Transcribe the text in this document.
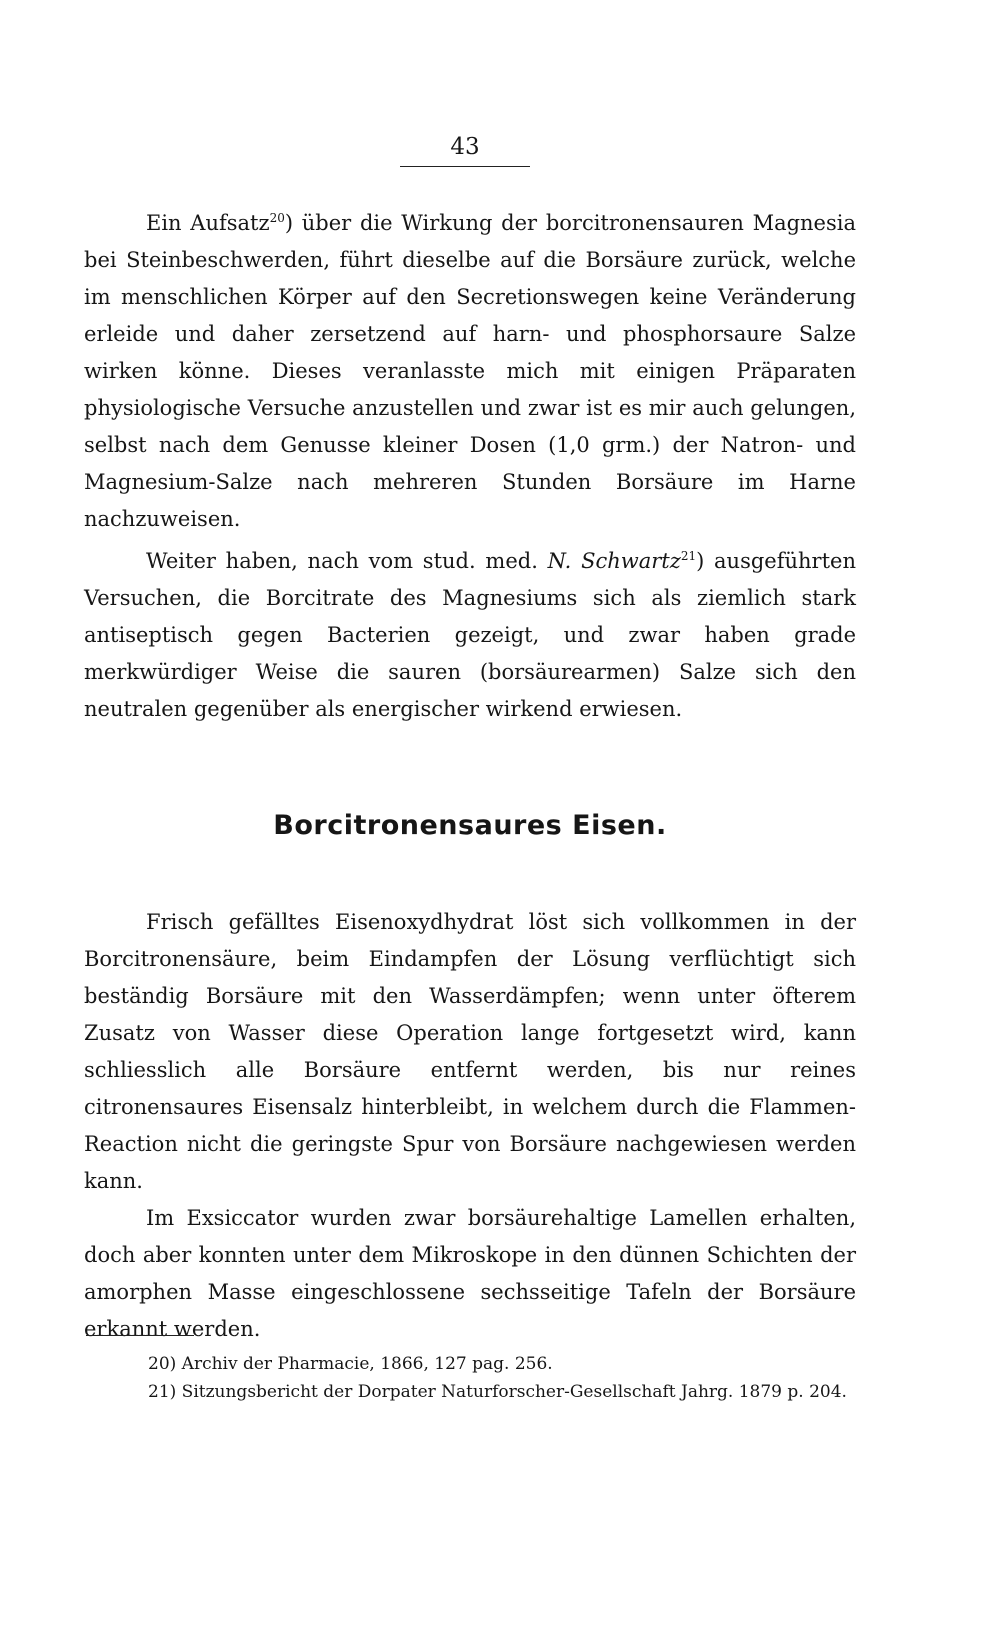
43

Ein Aufsatz$^{20}$) über die Wirkung der borcitronensauren Magnesia bei Steinbeschwerden, führt dieselbe auf die Borsäure zurück, welche im menschlichen Körper auf den Secretionswegen keine Veränderung erleide und daher zersetzend auf harn- und phosphorsaure Salze wirken könne. Dieses veranlasste mich mit einigen Präparaten physiologische Versuche anzustellen und zwar ist es mir auch gelungen, selbst nach dem Genusse kleiner Dosen (1,0 grm.) der Natron- und Magnesium-Salze nach mehreren Stunden Borsäure im Harne nachzuweisen.

Weiter haben, nach vom stud. med. N. Schwartz$^{21}$) ausgeführten Versuchen, die Borcitrate des Magnesiums sich als ziemlich stark antiseptisch gegen Bacterien gezeigt, und zwar haben grade merkwürdiger Weise die sauren (borsäurearmen) Salze sich den neutralen gegenüber als energischer wirkend erwiesen.

Borcitronensaures Eisen.

Frisch gefälltes Eisenoxydhydrat löst sich vollkommen in der Borcitronensäure, beim Eindampfen der Lösung verflüchtigt sich beständig Borsäure mit den Wasserdämpfen; wenn unter öfterem Zusatz von Wasser diese Operation lange fortgesetzt wird, kann schliesslich alle Borsäure entfernt werden, bis nur reines citronensaures Eisensalz hinterbleibt, in welchem durch die Flammen-Reaction nicht die geringste Spur von Borsäure nachgewiesen werden kann.

Im Exsiccator wurden zwar borsäurehaltige Lamellen erhalten, doch aber konnten unter dem Mikroskope in den dünnen Schichten der amorphen Masse eingeschlossene sechsseitige Tafeln der Borsäure erkannt werden.

20) Archiv der Pharmacie, 1866, 127 pag. 256.

21) Sitzungsbericht der Dorpater Naturforscher-Gesellschaft Jahrg. 1879 p. 204.
